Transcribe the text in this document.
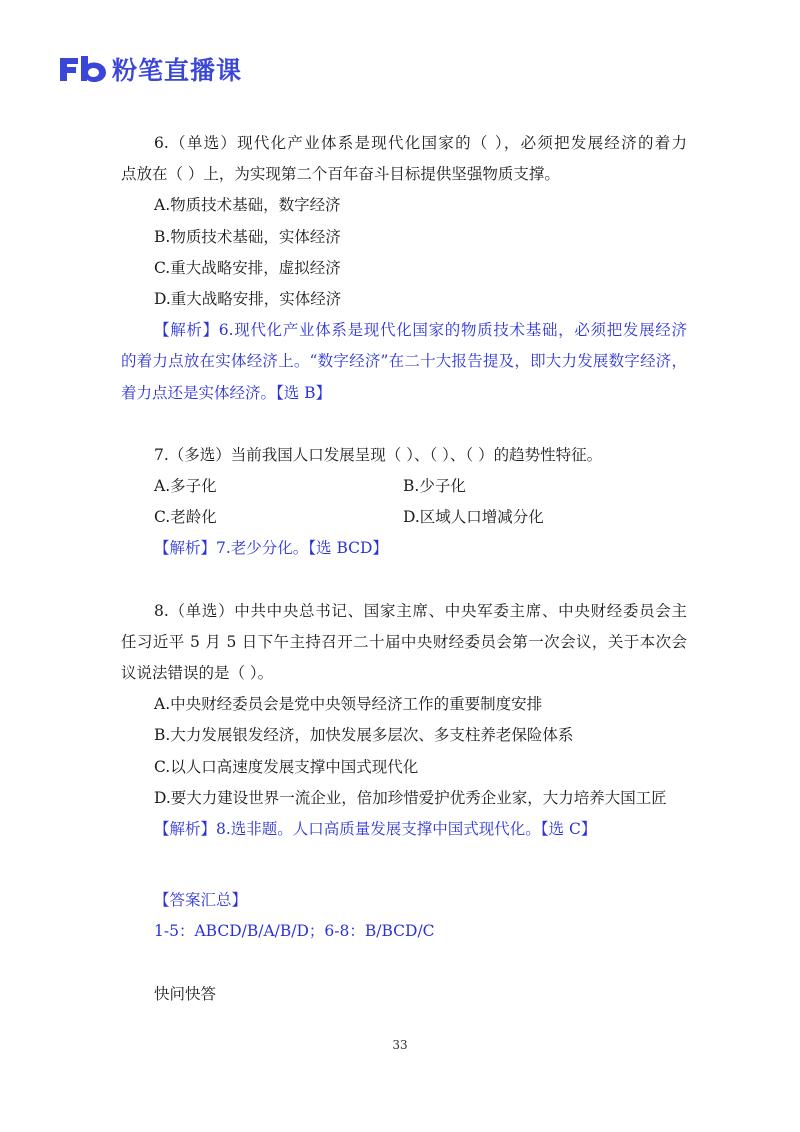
粉笔直播课
6.（单选）现代化产业体系是现代化国家的（ ），必须把发展经济的着力
点放在（ ）上，为实现第二个百年奋斗目标提供坚强物质支撑。
A.物质技术基础，数字经济
B.物质技术基础，实体经济
C.重大战略安排，虚拟经济
D.重大战略安排，实体经济
【解析】6.现代化产业体系是现代化国家的物质技术基础，必须把发展经济
的着力点放在实体经济上。“数字经济”在二十大报告提及，即大力发展数字经济，
着力点还是实体经济。【选 B】
7.（多选）当前我国人口发展呈现（ ）、（ ）、（ ）的趋势性特征。
A.多子化	B.少子化
C.老龄化	D.区域人口增减分化
【解析】7.老少分化。【选 BCD】
8.（单选）中共中央总书记、国家主席、中央军委主席、中央财经委员会主
任习近平 5 月 5 日下午主持召开二十届中央财经委员会第一次会议，关于本次会
议说法错误的是（ ）。
A.中央财经委员会是党中央领导经济工作的重要制度安排
B.大力发展银发经济，加快发展多层次、多支柱养老保险体系
C.以人口高速度发展支撑中国式现代化
D.要大力建设世界一流企业，倍加珍惜爱护优秀企业家，大力培养大国工匠
【解析】8.选非题。人口高质量发展支撑中国式现代化。【选 C】
【答案汇总】
1-5：ABCD/B/A/B/D；6-8：B/BCD/C
快问快答
33
